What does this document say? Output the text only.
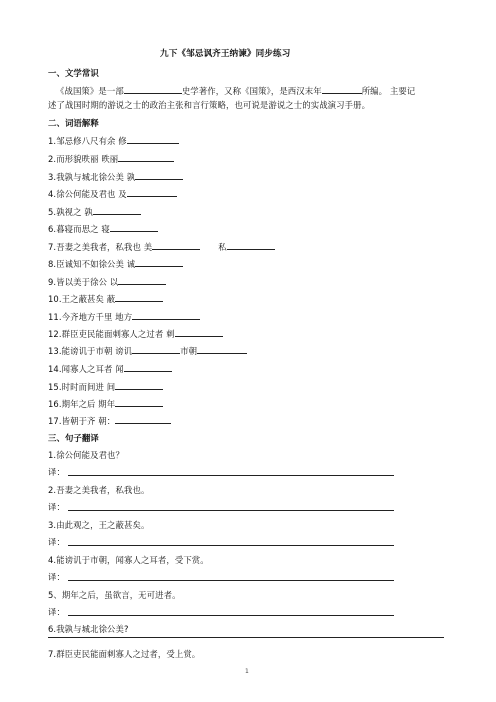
九下《邹忌讽齐王纳谏》同步练习
一、文学常识
《战国策》是一部	史学著作，又称《国策》，是西汉末年	所编。 主要记
述了战国时期的游说之士的政治主张和言行策略，也可说是游说之士的实战演习手册。
二、词语解释
1.邹忌修八尺有余 修
2.而形貌昳丽 昳丽
3.我孰与城北徐公美 孰
4.徐公何能及君也 及
5.孰视之 孰
6.暮寝而思之 寝
7.吾妻之美我者，私我也 美	私
8.臣诚知不如徐公美 诚
9.皆以美于徐公 以
10.王之蔽甚矣 蔽
11.今齐地方千里 地方
12.群臣吏民能面刺寡人之过者 刺
13.能谤讥于市朝 谤讥	市朝
14.闻寡人之耳者 闻
15.时时而间进 间
16.期年之后 期年
17.皆朝于齐 朝：
三、句子翻译
1.徐公何能及君也？
译：
2.吾妻之美我者，私我也。
译：
3.由此观之，王之蔽甚矣。
译：
4.能谤讥于市朝，闻寡人之耳者，受下赏。
译：
5、期年之后，虽欲言，无可进者。
译：
6.我孰与城北徐公美?
7.群臣吏民能面刺寡人之过者，受上赏。
1
